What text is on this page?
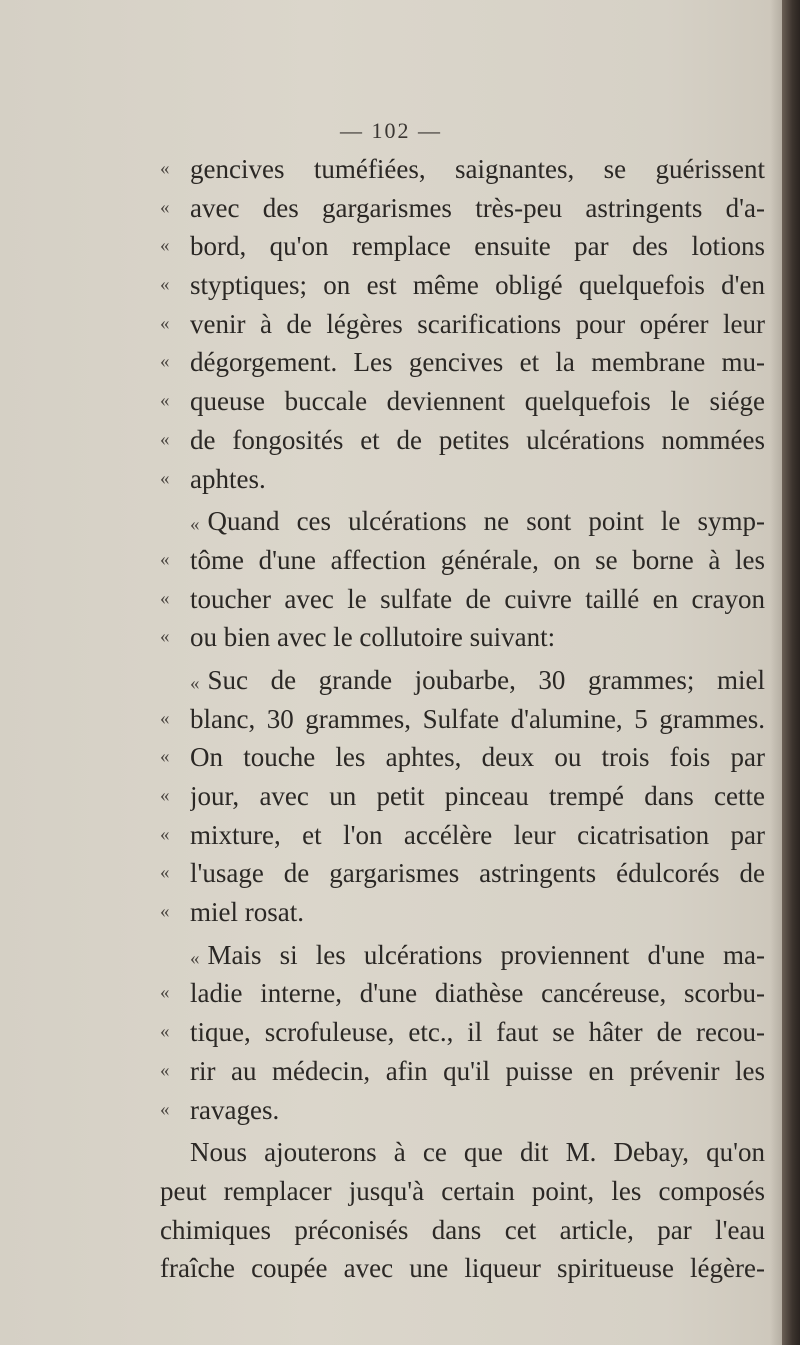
— 102 —
« gencives tuméfiées, saignantes, se guérissent
« avec des gargarismes très-peu astringents d'a-
« bord, qu'on remplace ensuite par des lotions
« styptiques; on est même obligé quelquefois d'en
« venir à de légères scarifications pour opérer leur
« dégorgement. Les gencives et la membrane mu-
« queuse buccale deviennent quelquefois le siége
« de fongosités et de petites ulcérations nommées
« aphtes.
« Quand ces ulcérations ne sont point le symp-
« tôme d'une affection générale, on se borne à les
« toucher avec le sulfate de cuivre taillé en crayon
« ou bien avec le collutoire suivant:
« Suc de grande joubarbe, 30 grammes; miel
« blanc, 30 grammes, Sulfate d'alumine, 5 grammes.
« On touche les aphtes, deux ou trois fois par
« jour, avec un petit pinceau trempé dans cette
« mixture, et l'on accélère leur cicatrisation par
« l'usage de gargarismes astringents édulcorés de
« miel rosat.
« Mais si les ulcérations proviennent d'une ma-
« ladie interne, d'une diathèse cancéreuse, scorbu-
« tique, scrofuleuse, etc., il faut se hâter de recou-
« rir au médecin, afin qu'il puisse en prévenir les
« ravages.
Nous ajouterons à ce que dit M. Debay, qu'on
peut remplacer jusqu'à certain point, les composés
chimiques préconisés dans cet article, par l'eau
fraîche coupée avec une liqueur spiritueuse légère-
